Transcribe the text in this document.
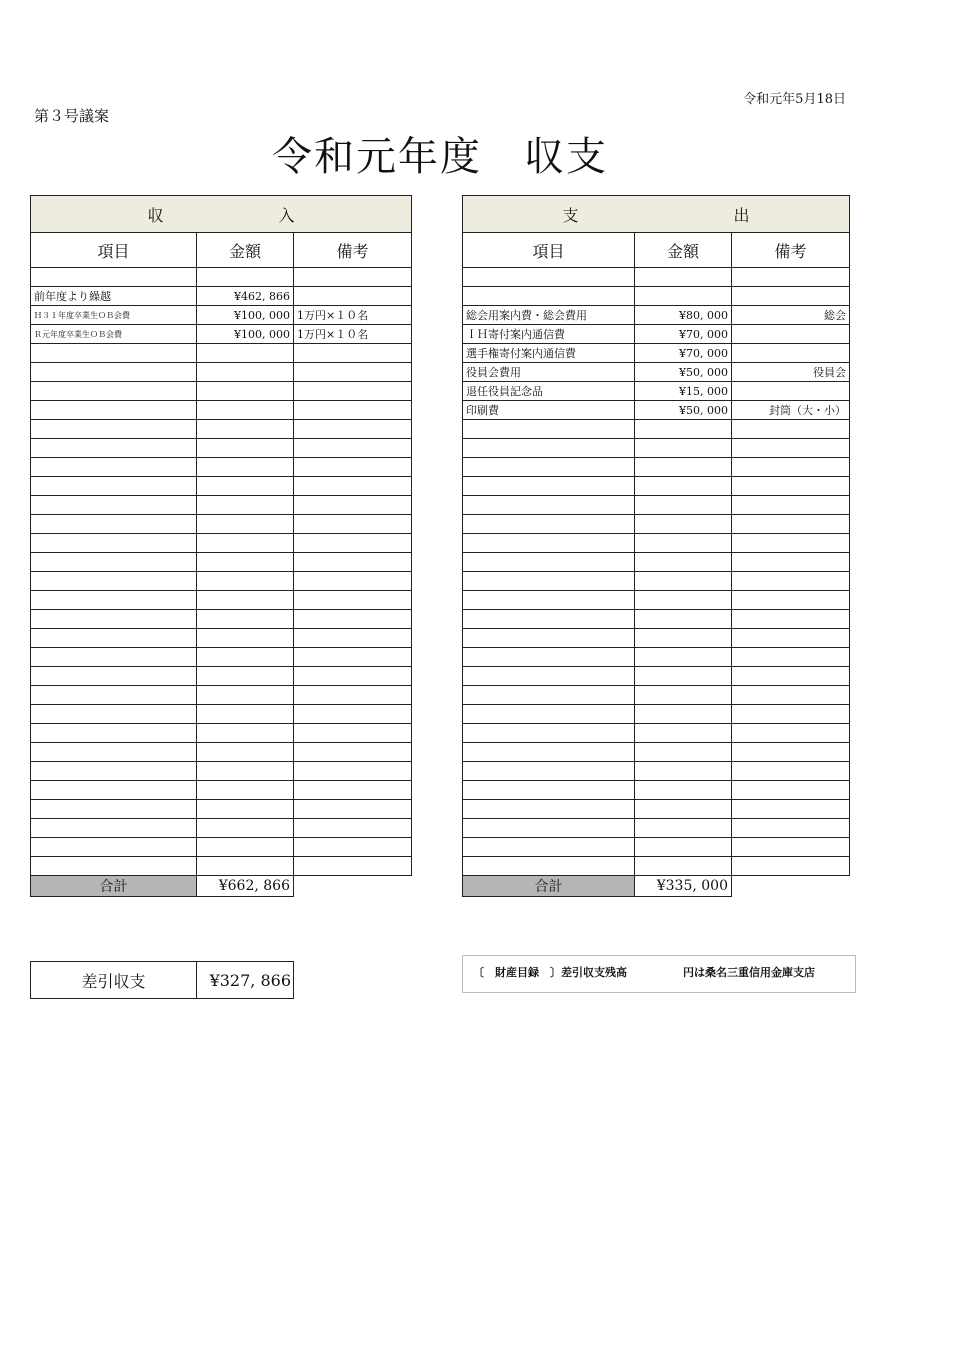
令和元年5月18日
第３号議案
令和元年度　収支
収 入		
項目	金額	備考

前年度より繰越	¥462, 866	
Ｈ３１年度卒業生ＯＢ会費	¥100, 000	1万円×１０名
Ｒ元年度卒業生ＯＢ会費	¥100, 000	1万円×１０名

合計	¥662, 866	
支 出		
項目	金額	備考

総会用案内費・総会費用	¥80, 000	総会
ＩＨ寄付案内通信費	¥70, 000	
選手権寄付案内通信費	¥70, 000	
役員会費用	¥50, 000	役員会
退任役員記念品	¥15, 000	
印刷費	¥50, 000	封筒（大・小）

合計	¥335, 000	
差引収支	¥327, 866	〔　財産目録　〕差引収支残高	円は桑名三重信用金庫支店
